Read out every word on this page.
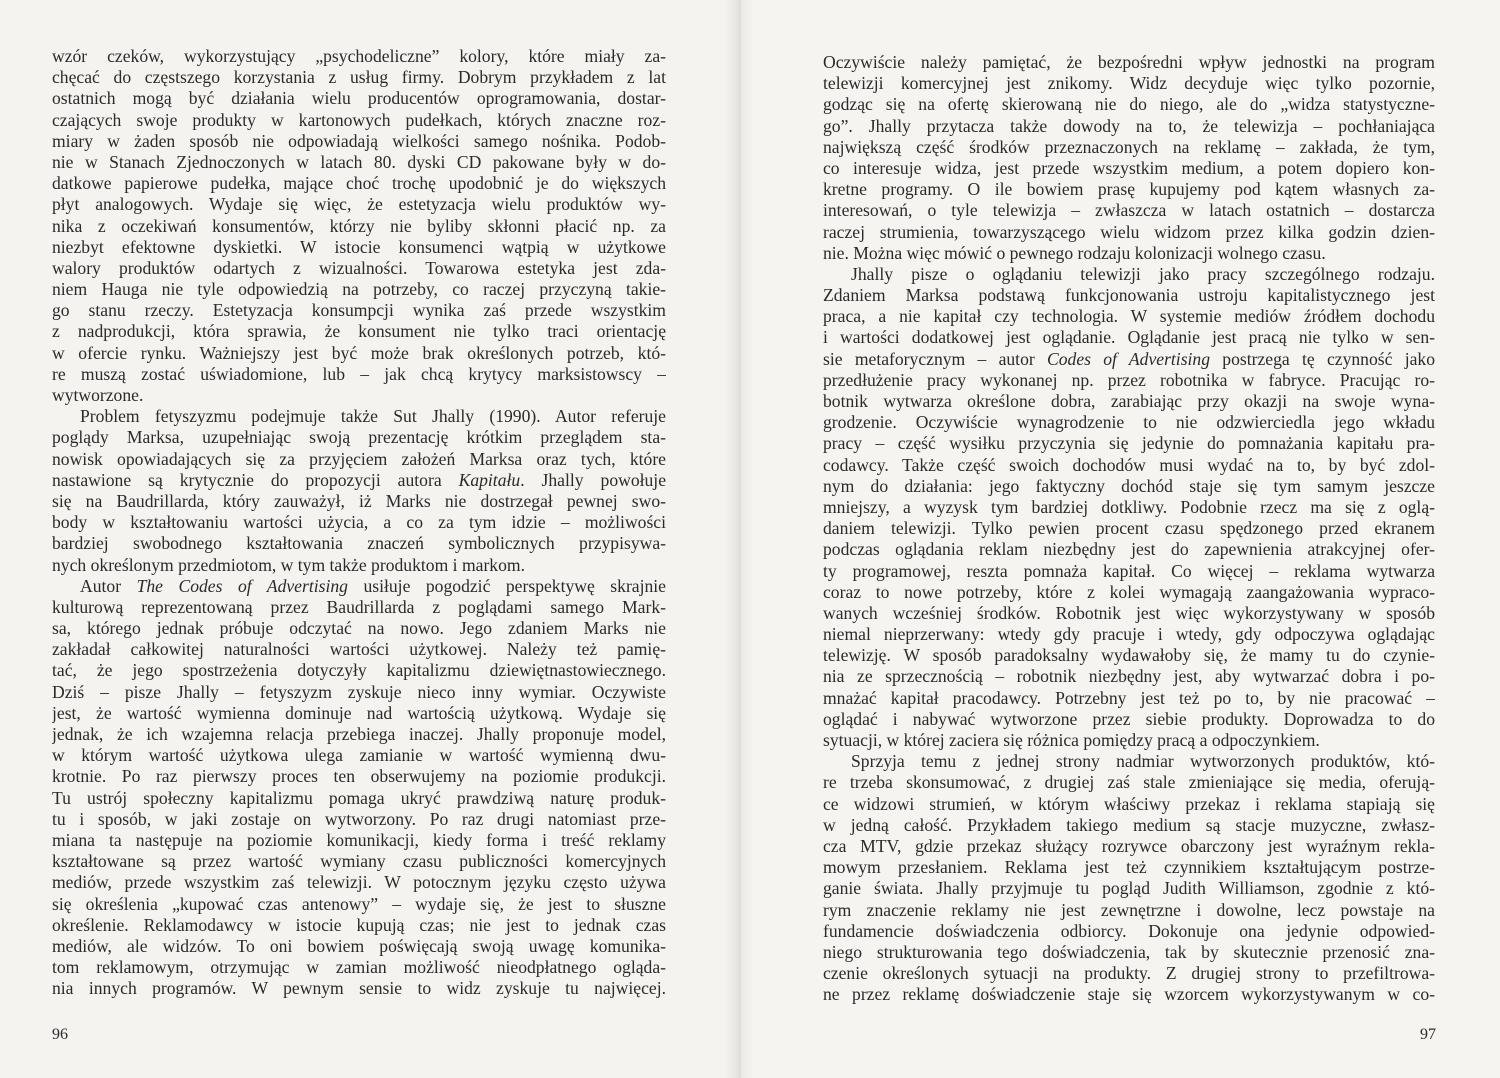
wzór czeków, wykorzystujący „psychodeliczne” kolory, które miały za-
chęcać do częstszego korzystania z usług firmy. Dobrym przykładem z lat
ostatnich mogą być działania wielu producentów oprogramowania, dostar-
czających swoje produkty w kartonowych pudełkach, których znaczne roz-
miary w żaden sposób nie odpowiadają wielkości samego nośnika. Podob-
nie w Stanach Zjednoczonych w latach 80. dyski CD pakowane były w do-
datkowe papierowe pudełka, mające choć trochę upodobnić je do większych
płyt analogowych. Wydaje się więc, że estetyzacja wielu produktów wy-
nika z oczekiwań konsumentów, którzy nie byliby skłonni płacić np. za
niezbyt efektowne dyskietki. W istocie konsumenci wątpią w użytkowe
walory produktów odartych z wizualności. Towarowa estetyka jest zda-
niem Hauga nie tyle odpowiedzią na potrzeby, co raczej przyczyną takie-
go stanu rzeczy. Estetyzacja konsumpcji wynika zaś przede wszystkim
z nadprodukcji, która sprawia, że konsument nie tylko traci orientację
w ofercie rynku. Ważniejszy jest być może brak określonych potrzeb, któ-
re muszą zostać uświadomione, lub – jak chcą krytycy marksistowscy –
wytworzone.
Problem fetyszyzmu podejmuje także Sut Jhally (1990). Autor referuje
poglądy Marksa, uzupełniając swoją prezentację krótkim przeglądem sta-
nowisk opowiadających się za przyjęciem założeń Marksa oraz tych, które
nastawione są krytycznie do propozycji autora Kapitału. Jhally powołuje
się na Baudrillarda, który zauważył, iż Marks nie dostrzegał pewnej swo-
body w kształtowaniu wartości użycia, a co za tym idzie – możliwości
bardziej swobodnego kształtowania znaczeń symbolicznych przypisywa-
nych określonym przedmiotom, w tym także produktom i markom.
Autor The Codes of Advertising usiłuje pogodzić perspektywę skrajnie
kulturową reprezentowaną przez Baudrillarda z poglądami samego Mark-
sa, którego jednak próbuje odczytać na nowo. Jego zdaniem Marks nie
zakładał całkowitej naturalności wartości użytkowej. Należy też pamię-
tać, że jego spostrzeżenia dotyczyły kapitalizmu dziewiętnastowiecznego.
Dziś – pisze Jhally – fetyszyzm zyskuje nieco inny wymiar. Oczywiste
jest, że wartość wymienna dominuje nad wartością użytkową. Wydaje się
jednak, że ich wzajemna relacja przebiega inaczej. Jhally proponuje model,
w którym wartość użytkowa ulega zamianie w wartość wymienną dwu-
krotnie. Po raz pierwszy proces ten obserwujemy na poziomie produkcji.
Tu ustrój społeczny kapitalizmu pomaga ukryć prawdziwą naturę produk-
tu i sposób, w jaki zostaje on wytworzony. Po raz drugi natomiast prze-
miana ta następuje na poziomie komunikacji, kiedy forma i treść reklamy
kształtowane są przez wartość wymiany czasu publiczności komercyjnych
mediów, przede wszystkim zaś telewizji. W potocznym języku często używa
się określenia „kupować czas antenowy” – wydaje się, że jest to słuszne
określenie. Reklamodawcy w istocie kupują czas; nie jest to jednak czas
mediów, ale widzów. To oni bowiem poświęcają swoją uwagę komunika-
tom reklamowym, otrzymując w zamian możliwość nieodpłatnego ogląda-
nia innych programów. W pewnym sensie to widz zyskuje tu najwięcej.
96
Oczywiście należy pamiętać, że bezpośredni wpływ jednostki na program
telewizji komercyjnej jest znikomy. Widz decyduje więc tylko pozornie,
godząc się na ofertę skierowaną nie do niego, ale do „widza statystyczne-
go”. Jhally przytacza także dowody na to, że telewizja – pochłaniająca
największą część środków przeznaczonych na reklamę – zakłada, że tym,
co interesuje widza, jest przede wszystkim medium, a potem dopiero kon-
kretne programy. O ile bowiem prasę kupujemy pod kątem własnych za-
interesowań, o tyle telewizja – zwłaszcza w latach ostatnich – dostarcza
raczej strumienia, towarzyszącego wielu widzom przez kilka godzin dzien-
nie. Można więc mówić o pewnego rodzaju kolonizacji wolnego czasu.
Jhally pisze o oglądaniu telewizji jako pracy szczególnego rodzaju.
Zdaniem Marksa podstawą funkcjonowania ustroju kapitalistycznego jest
praca, a nie kapitał czy technologia. W systemie mediów źródłem dochodu
i wartości dodatkowej jest oglądanie. Oglądanie jest pracą nie tylko w sen-
sie metaforycznym – autor Codes of Advertising postrzega tę czynność jako
przedłużenie pracy wykonanej np. przez robotnika w fabryce. Pracując ro-
botnik wytwarza określone dobra, zarabiając przy okazji na swoje wyna-
grodzenie. Oczywiście wynagrodzenie to nie odzwierciedla jego wkładu
pracy – część wysiłku przyczynia się jedynie do pomnażania kapitału pra-
codawcy. Także część swoich dochodów musi wydać na to, by być zdol-
nym do działania: jego faktyczny dochód staje się tym samym jeszcze
mniejszy, a wyzysk tym bardziej dotkliwy. Podobnie rzecz ma się z oglą-
daniem telewizji. Tylko pewien procent czasu spędzonego przed ekranem
podczas oglądania reklam niezbędny jest do zapewnienia atrakcyjnej ofer-
ty programowej, reszta pomnaża kapitał. Co więcej – reklama wytwarza
coraz to nowe potrzeby, które z kolei wymagają zaangażowania wypraco-
wanych wcześniej środków. Robotnik jest więc wykorzystywany w sposób
niemal nieprzerwany: wtedy gdy pracuje i wtedy, gdy odpoczywa oglądając
telewizję. W sposób paradoksalny wydawałoby się, że mamy tu do czynie-
nia ze sprzecznością – robotnik niezbędny jest, aby wytwarzać dobra i po-
mnażać kapitał pracodawcy. Potrzebny jest też po to, by nie pracować –
oglądać i nabywać wytworzone przez siebie produkty. Doprowadza to do
sytuacji, w której zaciera się różnica pomiędzy pracą a odpoczynkiem.
Sprzyja temu z jednej strony nadmiar wytworzonych produktów, któ-
re trzeba skonsumować, z drugiej zaś stale zmieniające się media, oferują-
ce widzowi strumień, w którym właściwy przekaz i reklama stapiają się
w jedną całość. Przykładem takiego medium są stacje muzyczne, zwłasz-
cza MTV, gdzie przekaz służący rozrywce obarczony jest wyraźnym rekla-
mowym przesłaniem. Reklama jest też czynnikiem kształtującym postrze-
ganie świata. Jhally przyjmuje tu pogląd Judith Williamson, zgodnie z któ-
rym znaczenie reklamy nie jest zewnętrzne i dowolne, lecz powstaje na
fundamencie doświadczenia odbiorcy. Dokonuje ona jedynie odpowied-
niego strukturowania tego doświadczenia, tak by skutecznie przenosić zna-
czenie określonych sytuacji na produkty. Z drugiej strony to przefiltrowa-
ne przez reklamę doświadczenie staje się wzorcem wykorzystywanym w co-
97
